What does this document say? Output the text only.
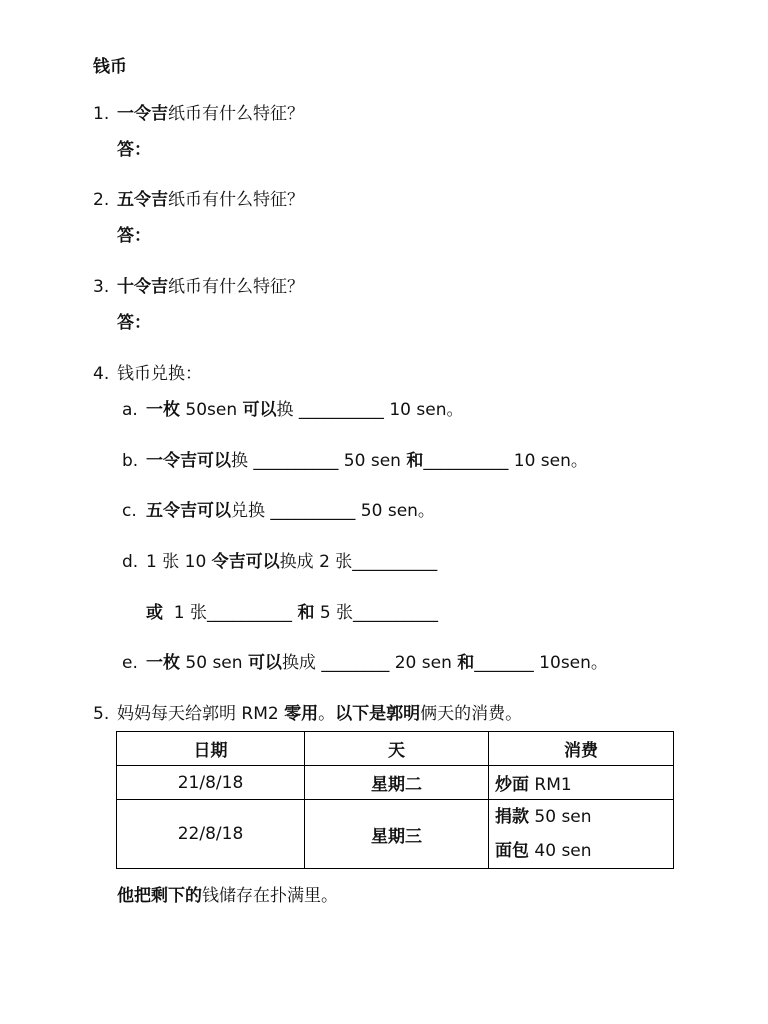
钱币
1. 一令吉纸币有什么特征？
答：
2. 五令吉纸币有什么特征？
答：
3. 十令吉纸币有什么特征？
答：
4. 钱币兑换：
a. 一枚 50sen 可以换 __________ 10 sen。
b. 一令吉可以换 __________ 50 sen 和__________ 10 sen。
c. 五令吉可以兑换 __________ 50 sen。
d. 1 张 10 令吉可以换成 2 张__________
或  1 张__________ 和 5 张__________
e. 一枚 50 sen 可以换成 ________ 20 sen 和_______ 10sen。
5. 妈妈每天给郭明 RM2 零用。以下是郭明俩天的消费。
日期	天	消费
21/8/18	星期二	炒面 RM1
22/8/18	星期三	捐款 50 sen
面包 40 sen
他把剩下的钱储存在扑满里。
